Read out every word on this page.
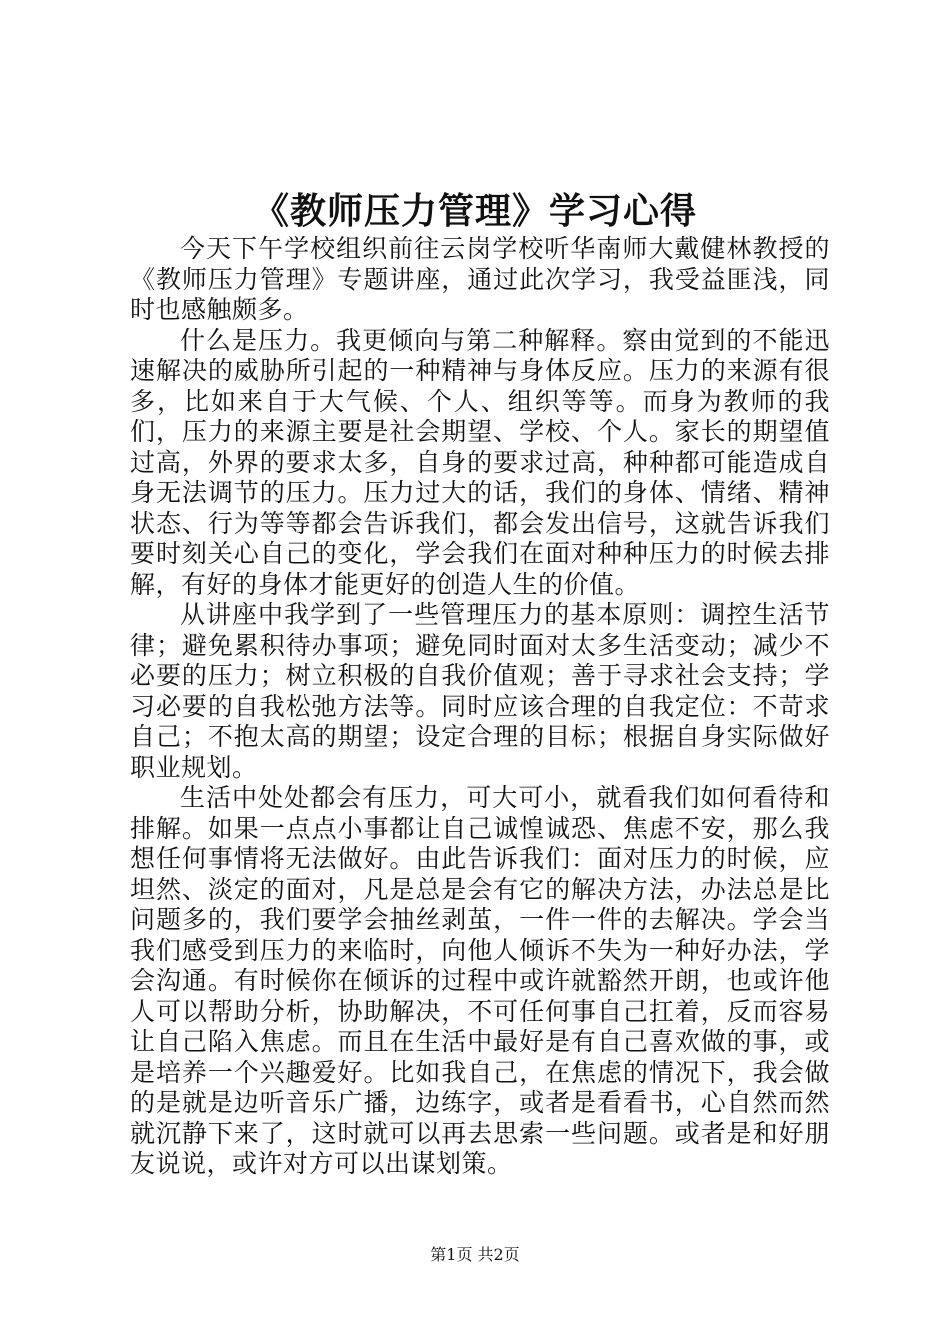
《教师压力管理》学习心得

今天下午学校组织前往云岗学校听华南师大戴健林教授的《教师压力管理》专题讲座，通过此次学习，我受益匪浅，同时也感触颇多。

什么是压力。我更倾向与第二种解释。察由觉到的不能迅速解决的威胁所引起的一种精神与身体反应。压力的来源有很多，比如来自于大气候、个人、组织等等。而身为教师的我们，压力的来源主要是社会期望、学校、个人。家长的期望值过高，外界的要求太多，自身的要求过高，种种都可能造成自身无法调节的压力。压力过大的话，我们的身体、情绪、精神状态、行为等等都会告诉我们，都会发出信号，这就告诉我们要时刻关心自己的变化，学会我们在面对种种压力的时候去排解，有好的身体才能更好的创造人生的价值。

从讲座中我学到了一些管理压力的基本原则：调控生活节律；避免累积待办事项；避免同时面对太多生活变动；减少不必要的压力；树立积极的自我价值观；善于寻求社会支持；学习必要的自我松弛方法等。同时应该合理的自我定位：不苛求自己；不抱太高的期望；设定合理的目标；根据自身实际做好职业规划。

生活中处处都会有压力，可大可小，就看我们如何看待和排解。如果一点点小事都让自己诚惶诚恐、焦虑不安，那么我想任何事情将无法做好。由此告诉我们：面对压力的时候，应坦然、淡定的面对，凡是总是会有它的解决方法，办法总是比问题多的，我们要学会抽丝剥茧，一件一件的去解决。学会当我们感受到压力的来临时，向他人倾诉不失为一种好办法，学会沟通。有时候你在倾诉的过程中或许就豁然开朗，也或许他人可以帮助分析，协助解决，不可任何事自己扛着，反而容易让自己陷入焦虑。而且在生活中最好是有自己喜欢做的事，或是培养一个兴趣爱好。比如我自己，在焦虑的情况下，我会做的是就是边听音乐广播，边练字，或者是看看书，心自然而然就沉静下来了，这时就可以再去思索一些问题。或者是和好朋友说说，或许对方可以出谋划策。

第1页 共2页
